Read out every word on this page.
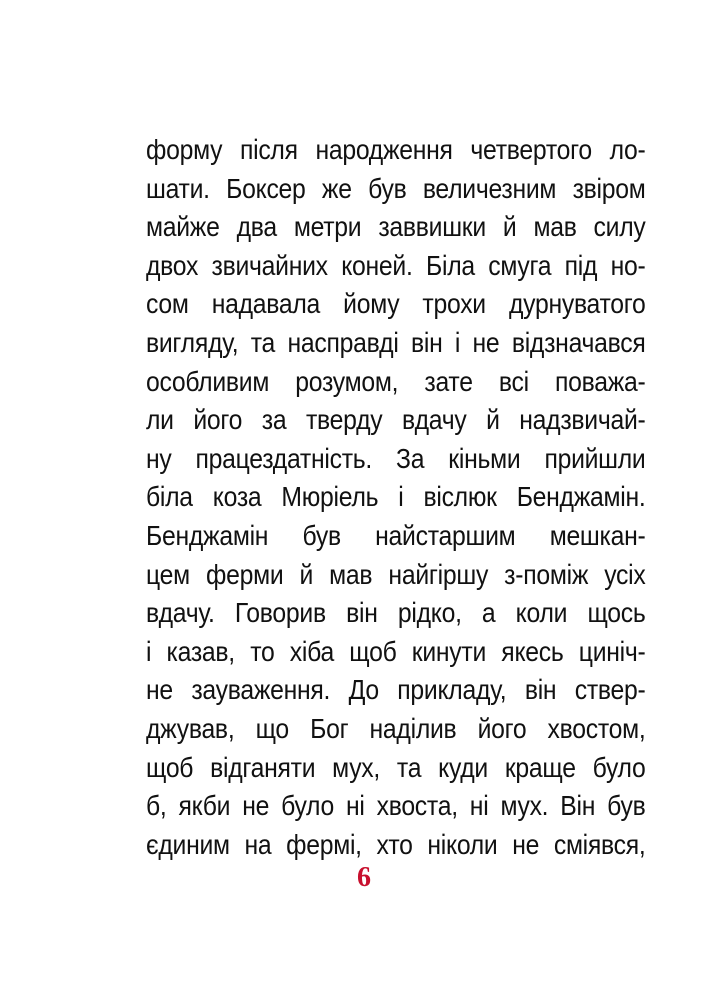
форму після народження четвертого ло-
шати. Боксер же був величезним звіром
майже два метри заввишки й мав силу
двох звичайних коней. Біла смуга під но-
сом надавала йому трохи дурнуватого
вигляду, та насправді він і не відзначався
особливим розумом, зате всі поважа-
ли його за тверду вдачу й надзвичай-
ну працездатність. За кіньми прийшли
біла коза Мюріель і віслюк Бенджамін.
Бенджамін був найстаршим мешкан-
цем ферми й мав найгіршу з-поміж усіх
вдачу. Говорив він рідко, а коли щось
і казав, то хіба щоб кинути якесь циніч-
не зауваження. До прикладу, він ствер-
джував, що Бог наділив його хвостом,
щоб відганяти мух, та куди краще було
б, якби не було ні хвоста, ні мух. Він був
єдиним на фермі, хто ніколи не сміявся,
6
